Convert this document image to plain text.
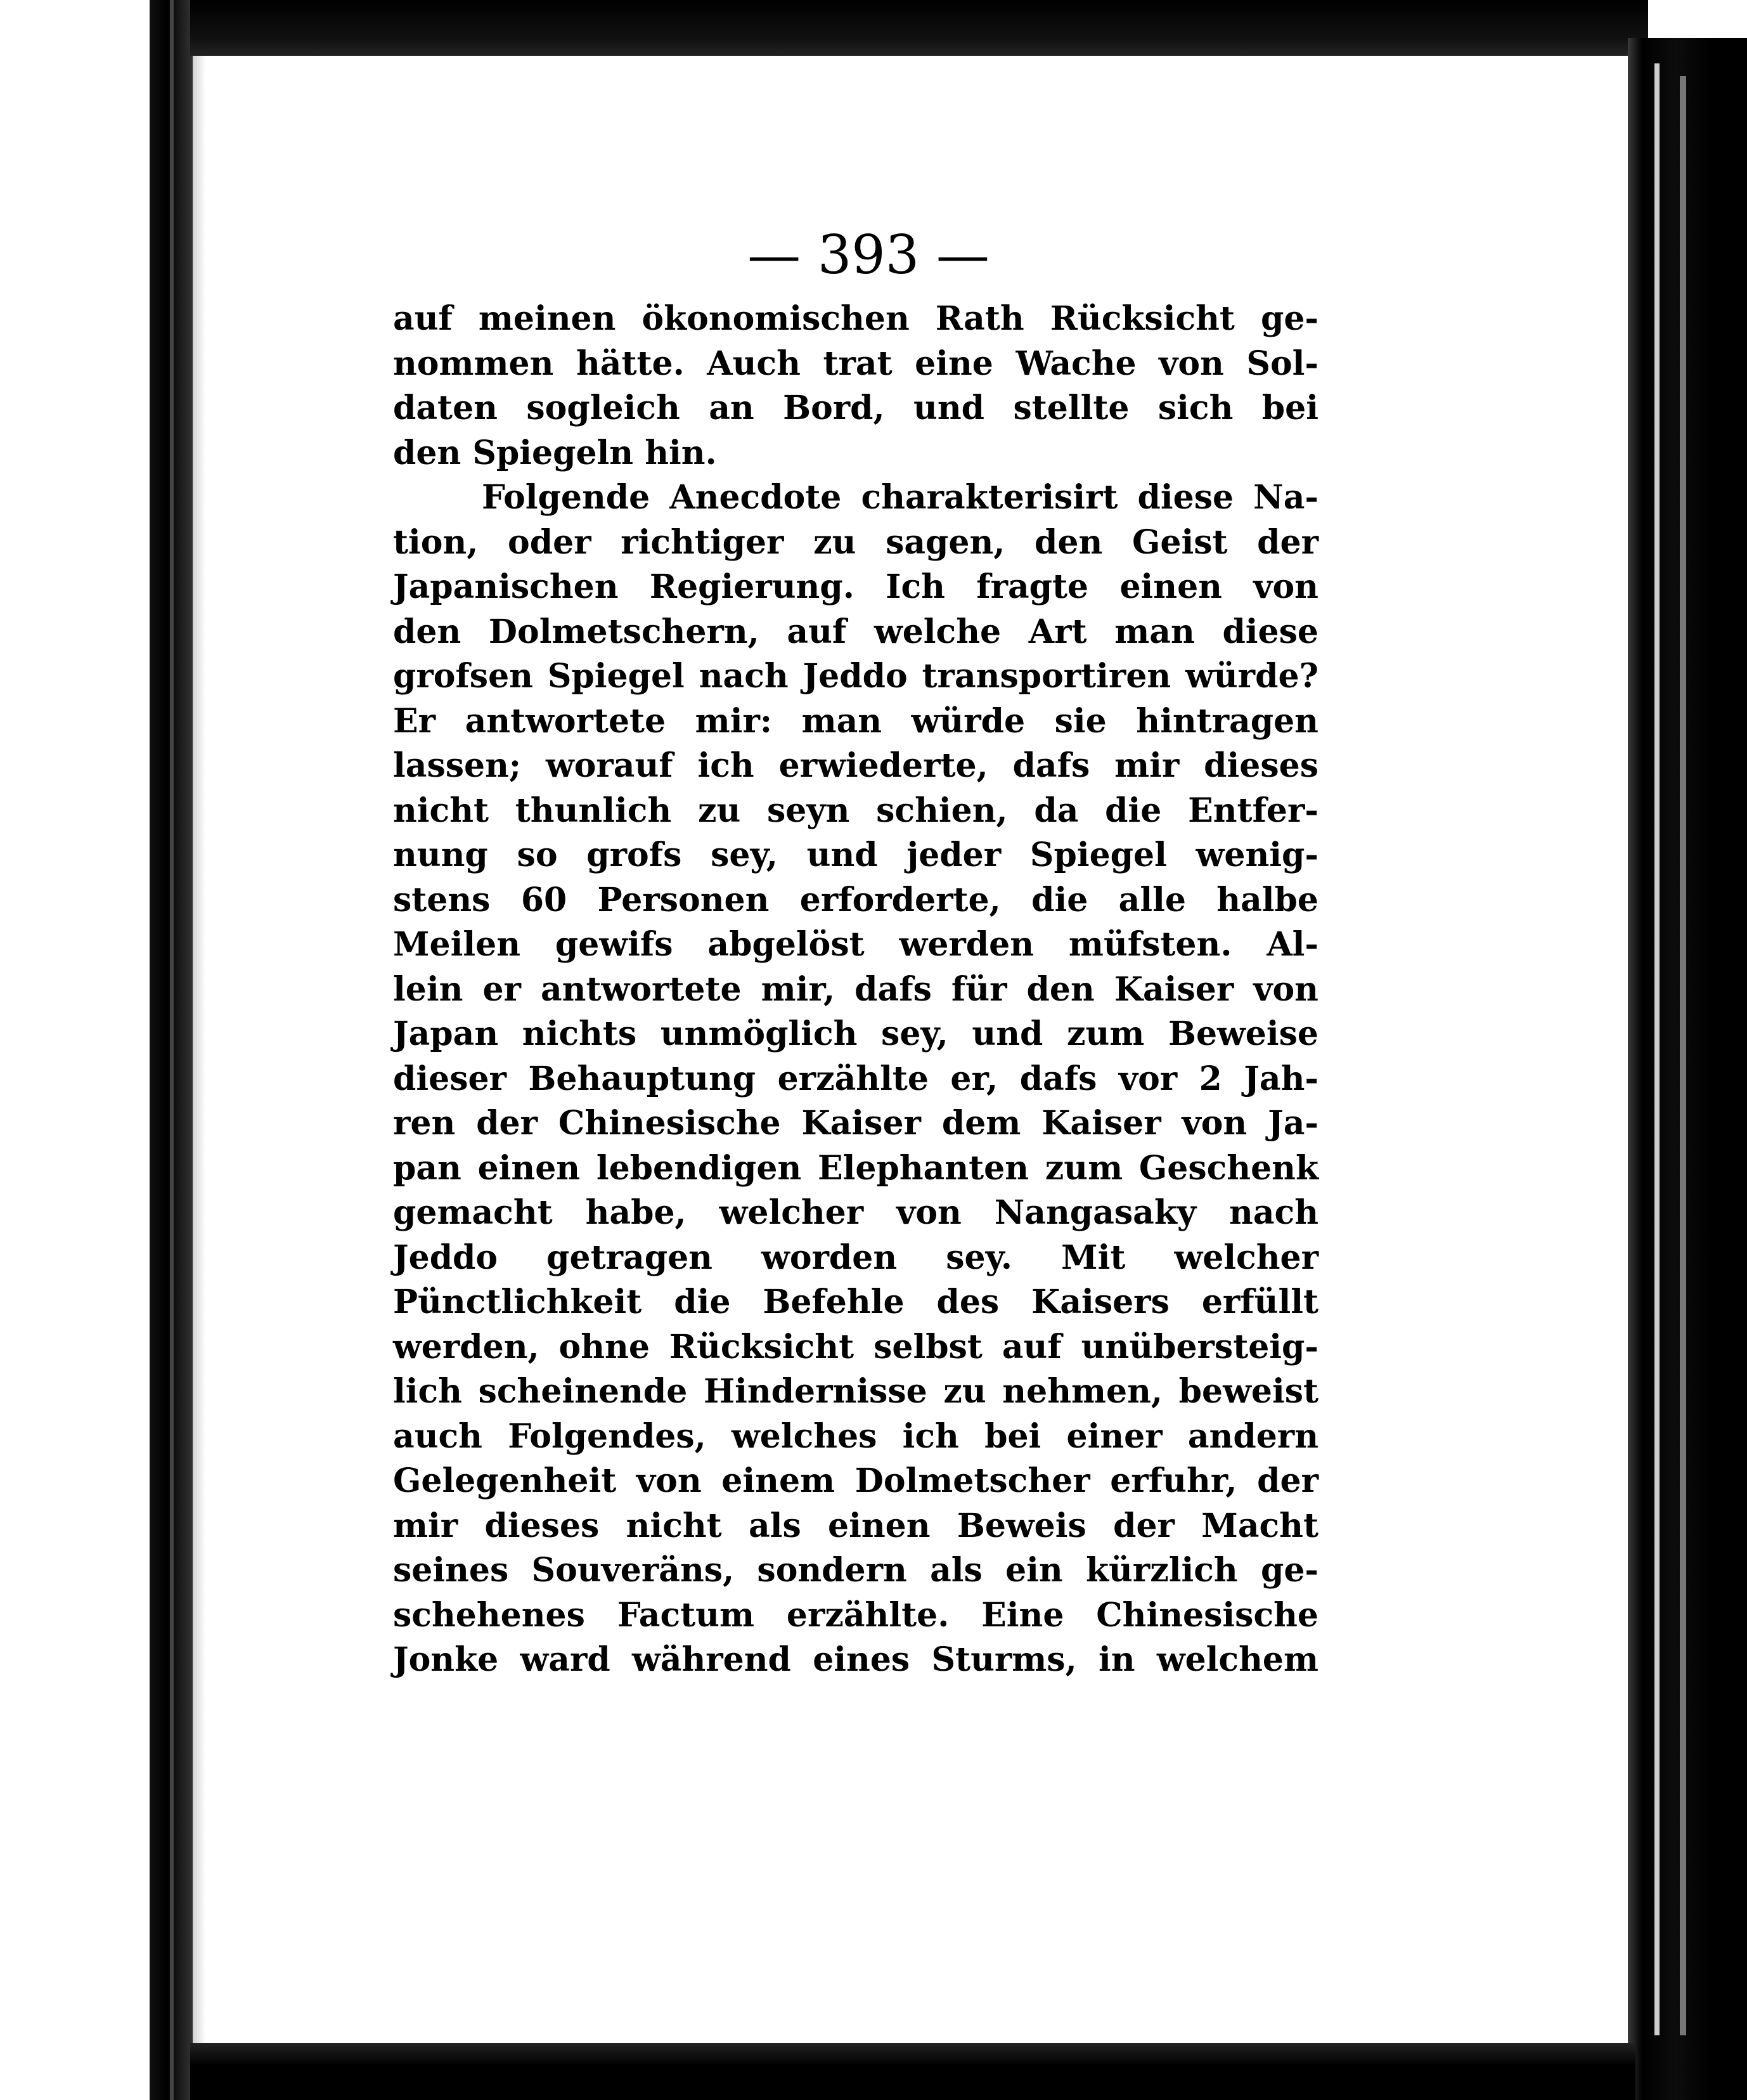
— 393 —
auf meinen ökonomischen Rath Rücksicht ge-
nommen hätte. Auch trat eine Wache von Sol-
daten sogleich an Bord, und stellte sich bei
den Spiegeln hin.
Folgende Anecdote charakterisirt diese Na-
tion, oder richtiger zu sagen, den Geist der
Japanischen Regierung. Ich fragte einen von
den Dolmetschern, auf welche Art man diese
grofsen Spiegel nach Jeddo transportiren würde?
Er antwortete mir: man würde sie hintragen
lassen; worauf ich erwiederte, dafs mir dieses
nicht thunlich zu seyn schien, da die Entfer-
nung so grofs sey, und jeder Spiegel wenig-
stens 60 Personen erforderte, die alle halbe
Meilen gewifs abgelöst werden müfsten. Al-
lein er antwortete mir, dafs für den Kaiser von
Japan nichts unmöglich sey, und zum Beweise
dieser Behauptung erzählte er, dafs vor 2 Jah-
ren der Chinesische Kaiser dem Kaiser von Ja-
pan einen lebendigen Elephanten zum Geschenk
gemacht habe, welcher von Nangasaky nach
Jeddo getragen worden sey. Mit welcher
Pünctlichkeit die Befehle des Kaisers erfüllt
werden, ohne Rücksicht selbst auf unübersteig-
lich scheinende Hindernisse zu nehmen, beweist
auch Folgendes, welches ich bei einer andern
Gelegenheit von einem Dolmetscher erfuhr, der
mir dieses nicht als einen Beweis der Macht
seines Souveräns, sondern als ein kürzlich ge-
schehenes Factum erzählte. Eine Chinesische
Jonke ward während eines Sturms, in welchem
ſ
